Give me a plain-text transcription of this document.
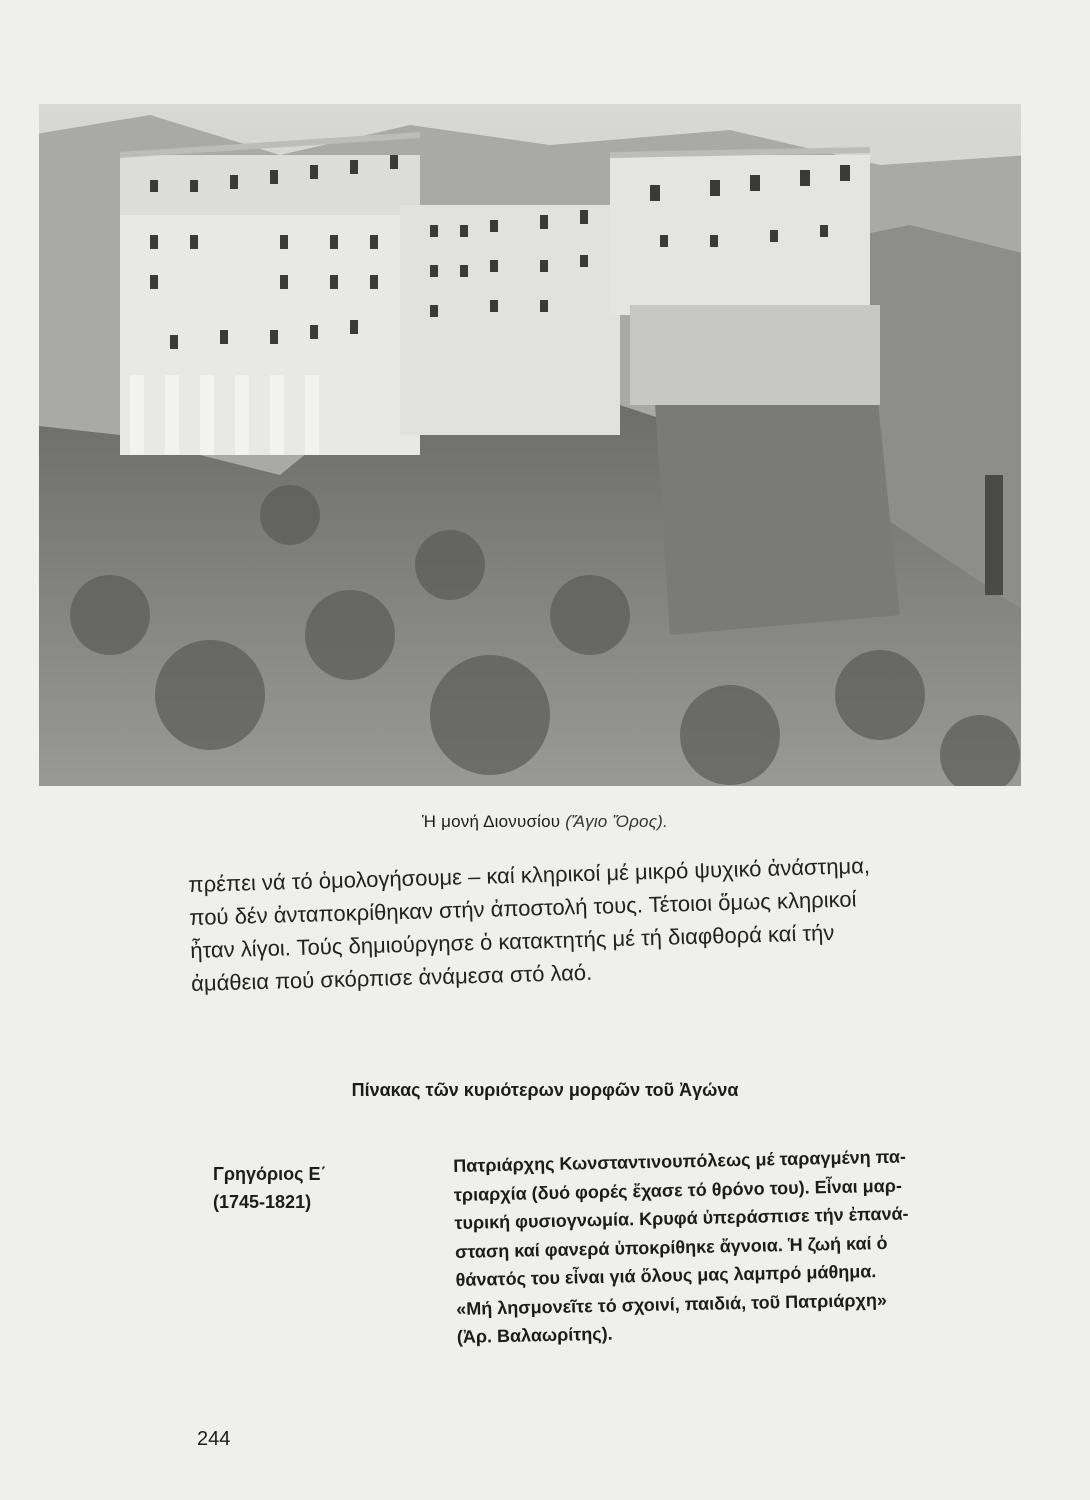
Ἡ μονή Διονυσίου (Ἅγιο Ὄρος).

πρέπει νά τό ὁμολογήσουμε – καί κληρικοί μέ μικρό ψυχικό ἀνάστημα,

πού δέν ἀνταποκρίθηκαν στήν ἀποστολή τους. Τέτοιοι ὅμως κληρικοί

ἦταν λίγοι. Τούς δημιούργησε ὁ κατακτητής μέ τή διαφθορά καί τήν

ἀμάθεια πού σκόρπισε ἀνάμεσα στό λαό.

Πίνακας τῶν κυριότερων μορφῶν τοῦ Ἀγώνα
Γρηγόριος Ε΄
(1745-1821)
Πατριάρχης Κωνσταντινουπόλεως μέ ταραγμένη πα-
τριαρχία (δυό φορές ἔχασε τό θρόνο του). Εἶναι μαρ-
τυρική φυσιογνωμία. Κρυφά ὑπεράσπισε τήν ἐπανά-
σταση καί φανερά ὑποκρίθηκε ἄγνοια. Ἡ ζωή καί ὁ
θάνατός του εἶναι γιά ὅλους μας λαμπρό μάθημα.
«Μή λησμονεῖτε τό σχοινί, παιδιά, τοῦ Πατριάρχη»
(Ἀρ. Βαλαωρίτης).
244
